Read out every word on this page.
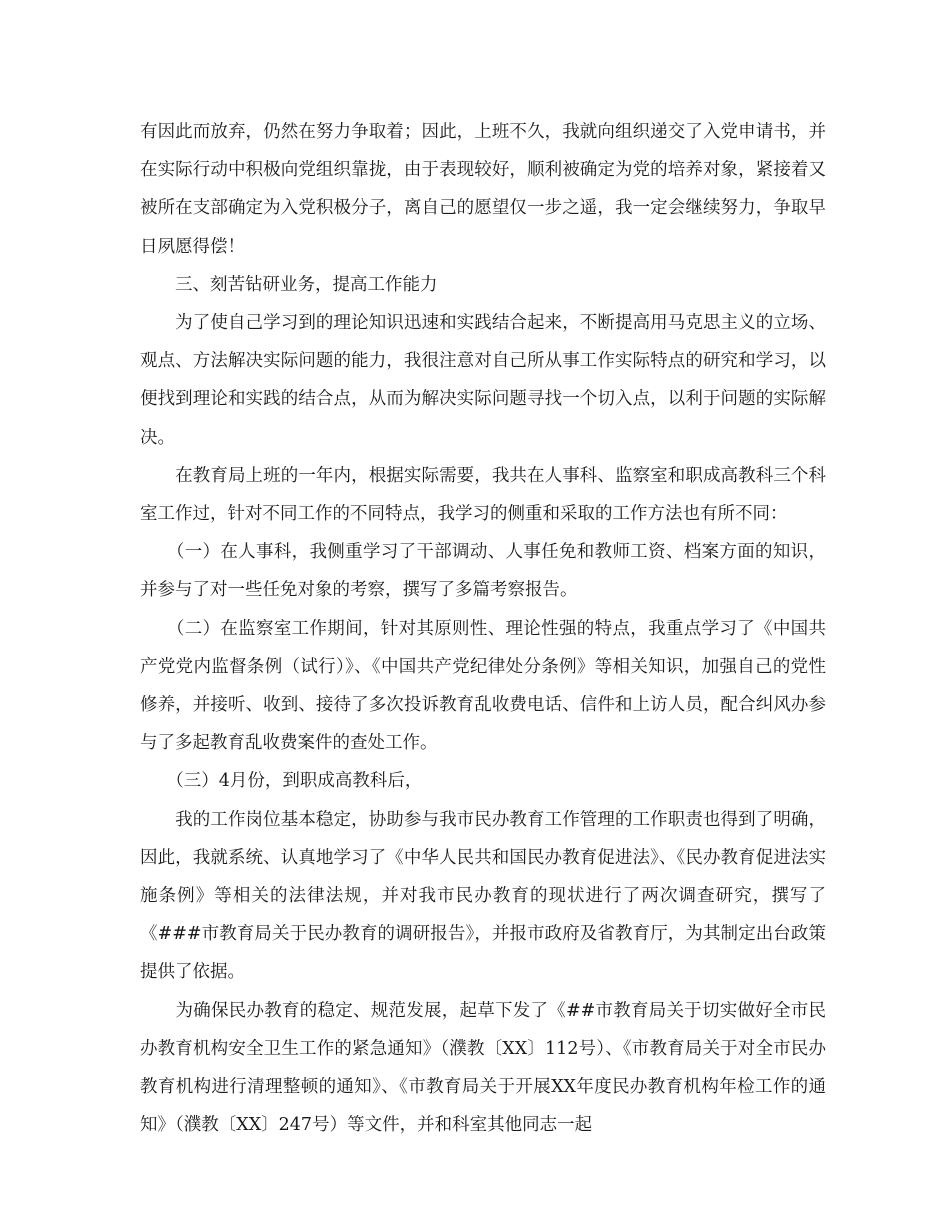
有因此而放弃，仍然在努力争取着；因此，上班不久，我就向组织递交了入党申请书，并在实际行动中积极向党组织靠拢，由于表现较好，顺利被确定为党的培养对象，紧接着又被所在支部确定为入党积极分子，离自己的愿望仅一步之遥，我一定会继续努力，争取早日夙愿得偿！

　　三、刻苦钻研业务，提高工作能力

　　为了使自己学习到的理论知识迅速和实践结合起来，不断提高用马克思主义的立场、观点、方法解决实际问题的能力，我很注意对自己所从事工作实际特点的研究和学习，以便找到理论和实践的结合点，从而为解决实际问题寻找一个切入点，以利于问题的实际解决。

　　在教育局上班的一年内，根据实际需要，我共在人事科、监察室和职成高教科三个科室工作过，针对不同工作的不同特点，我学习的侧重和采取的工作方法也有所不同：

　　（一）在人事科，我侧重学习了干部调动、人事任免和教师工资、档案方面的知识，并参与了对一些任免对象的考察，撰写了多篇考察报告。

　　（二）在监察室工作期间，针对其原则性、理论性强的特点，我重点学习了《中国共产党党内监督条例（试行）》、《中国共产党纪律处分条例》等相关知识，加强自己的党性修养，并接听、收到、接待了多次投诉教育乱收费电话、信件和上访人员，配合纠风办参与了多起教育乱收费案件的查处工作。

　　（三）4月份，到职成高教科后，

　　我的工作岗位基本稳定，协助参与我市民办教育工作管理的工作职责也得到了明确，因此，我就系统、认真地学习了《中华人民共和国民办教育促进法》、《民办教育促进法实施条例》等相关的法律法规，并对我市民办教育的现状进行了两次调查研究，撰写了《###市教育局关于民办教育的调研报告》，并报市政府及省教育厅，为其制定出台政策提供了依据。

　　为确保民办教育的稳定、规范发展，起草下发了《##市教育局关于切实做好全市民办教育机构安全卫生工作的紧急通知》（濮教〔XX〕112号）、《市教育局关于对全市民办教育机构进行清理整顿的通知》、《市教育局关于开展XX年度民办教育机构年检工作的通知》（濮教〔XX〕247号）等文件，并和科室其他同志一起
